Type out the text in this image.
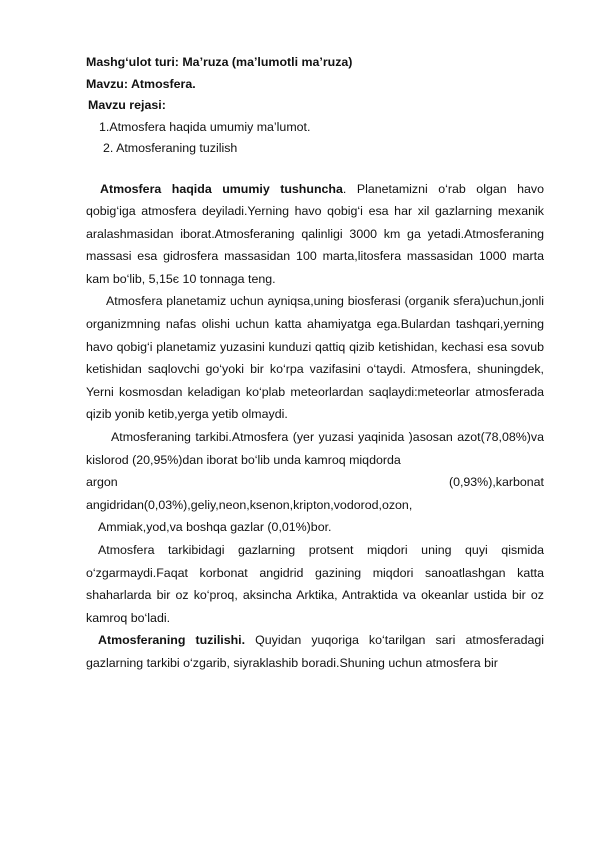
Mashg‘ulot turi: Ma’ruza (ma’lumotli ma’ruza)

Mavzu: Atmosfera.

Mavzu rejasi:

1.Atmosfera haqida umumiy ma’lumot.

2. Atmosferaning tuzilish

Atmosfera haqida umumiy tushuncha. Planetamizni o‘rab olgan havo qobig‘iga atmosfera deyiladi.Yerning havo qobig‘i esa har xil gazlarning mexanik aralashmasidan iborat.Atmosferaning qalinligi 3000 km ga yetadi.Atmosferaning massasi esa gidrosfera massasidan 100 marta,litosfera massasidan 1000 marta kam bo‘lib, 5,15є 10 tonnaga teng.

Atmosfera planetamiz uchun ayniqsa,uning biosferasi (organik sfera)uchun,jonli organizmning nafas olishi uchun katta ahamiyatga ega.Bulardan tashqari,yerning havo qobig‘i planetamiz yuzasini kunduzi qattiq qizib ketishidan, kechasi esa sovub ketishidan saqlovchi go‘yoki bir ko‘rpa vazifasini o‘taydi. Atmosfera, shuningdek, Yerni kosmosdan keladigan ko‘plab meteorlardan saqlaydi:meteorlar atmosferada qizib yonib ketib,yerga yetib olmaydi.

Atmosferaning tarkibi.Atmosfera (yer yuzasi yaqinida )asosan azot(78,08%)va kislorod (20,95%)dan iborat bo‘lib unda kamroq miqdorda

argon	(0,93%),karbonat

angidridan(0,03%),geliy,neon,ksenon,kripton,vodorod,ozon,

Ammiak,yod,va boshqa gazlar (0,01%)bor.

Atmosfera tarkibidagi gazlarning protsent miqdori uning quyi qismida o‘zgarmaydi.Faqat korbonat angidrid gazining miqdori sanoatlashgan katta shaharlarda bir oz ko‘proq, aksincha Arktika, Antraktida va okeanlar ustida bir oz kamroq bo‘ladi.

Atmosferaning tuzilishi. Quyidan yuqoriga ko‘tarilgan sari atmosferadagi gazlarning tarkibi o‘zgarib, siyraklashib boradi.Shuning uchun atmosfera bir
